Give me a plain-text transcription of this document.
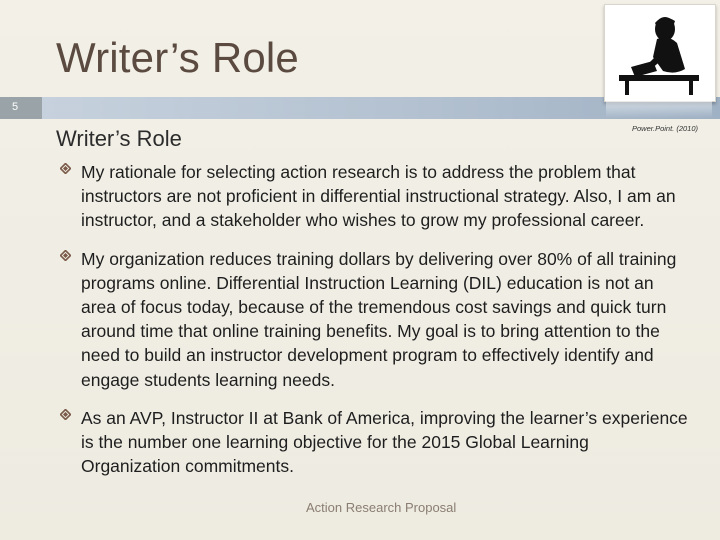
Writer’s Role
5
Power.Point. (2010)
Writer’s Role
My rationale for selecting action research is to address the problem that instructors are not proficient in differential instructional strategy. Also, I am an instructor, and a stakeholder who wishes to grow my professional career.
My organization reduces training dollars by delivering over 80% of all training programs online. Differential Instruction Learning (DIL) education is not an area of focus today, because of the tremendous cost savings and quick turn around time that online training benefits. My goal is to bring attention to the need to build an instructor development program to effectively identify and engage students learning needs.
As an AVP, Instructor II at Bank of America, improving the learner’s experience is the number one learning objective for the 2015 Global Learning Organization commitments.
Action Research Proposal
